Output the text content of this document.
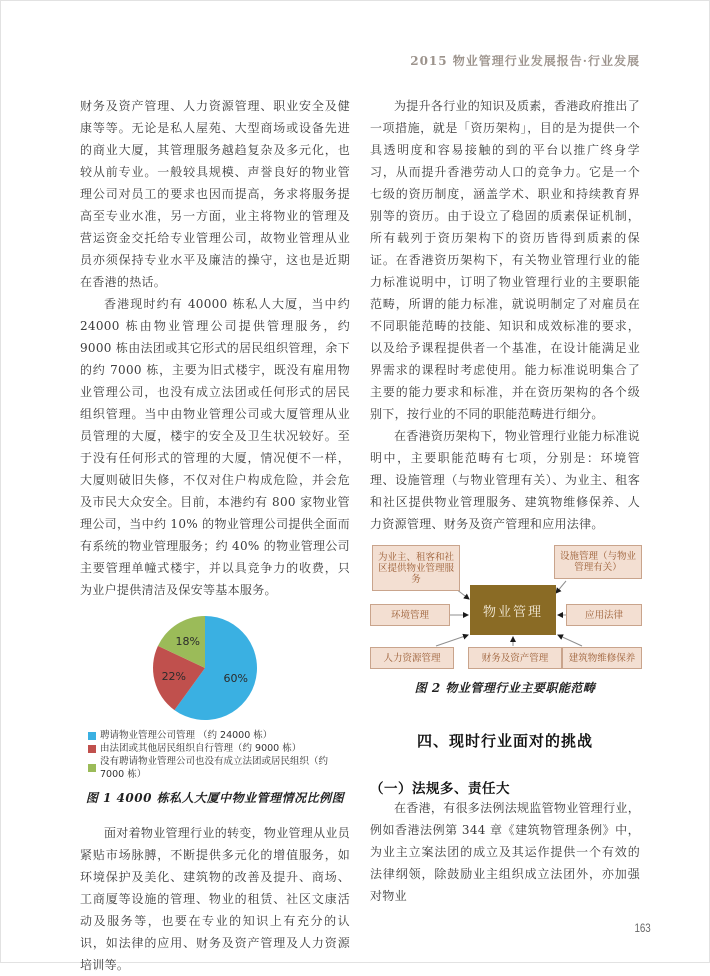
2015 物业管理行业发展报告·行业发展

财务及资产管理、人力资源管理、职业安全及健康等等。无论是私人屋苑、大型商场或设备先进的商业大厦，其管理服务越趋复杂及多元化，也较从前专业。一般较具规模、声誉良好的物业管理公司对员工的要求也因而提高，务求将服务提高至专业水准，另一方面，业主将物业的管理及营运资金交托给专业管理公司，故物业管理从业员亦须保持专业水平及廉洁的操守，这也是近期在香港的热话。

香港现时约有 40000 栋私人大厦，当中约 24000 栋由物业管理公司提供管理服务，约 9000 栋由法团或其它形式的居民组织管理，余下的约 7000 栋，主要为旧式楼宇，既没有雇用物业管理公司，也没有成立法团或任何形式的居民组织管理。当中由物业管理公司或大厦管理从业员管理的大厦，楼宇的安全及卫生状况较好。至于没有任何形式的管理的大厦，情况便不一样，大厦则破旧失修，不仅对住户构成危险，并会危及市民大众安全。目前，本港约有 800 家物业管理公司，当中约 10% 的物业管理公司提供全面而有系统的物业管理服务；约 40% 的物业管理公司主要管理单幢式楼宇，并以具竞争力的收费，只为业户提供清洁及保安等基本服务。

60%
22%
18%
聘请物业管理公司管理 （约 24000 栋）
由法团或其他居民组织自行管理（约 9000 栋）
没有聘请物业管理公司也没有成立法团或居民组织（约 7000 栋）
图 1 4000 栋私人大厦中物业管理情况比例图

面对着物业管理行业的转变，物业管理从业员紧贴市场脉膊，不断提供多元化的增值服务，如环境保护及美化、建筑物的改善及提升、商场、工商厦等设施的管理、物业的租赁、社区文康活动及服务等，也要在专业的知识上有充分的认识，如法律的应用、财务及资产管理及人力资源培训等。

为提升各行业的知识及质素，香港政府推出了一项措施，就是「资历架构」，目的是为提供一个具透明度和容易接触的到的平台以推广终身学习，从而提升香港劳动人口的竞争力。它是一个七级的资历制度，涵盖学术、职业和持续教育界别等的资历。由于设立了稳固的质素保证机制，所有载列于资历架构下的资历皆得到质素的保证。在香港资历架构下，有关物业管理行业的能力标准说明中，订明了物业管理行业的主要职能范畴，所谓的能力标准，就说明制定了对雇员在不同职能范畴的技能、知识和成效标准的要求，以及给予课程提供者一个基准，在设计能满足业界需求的课程时考虑使用。能力标准说明集合了主要的能力要求和标准，并在资历架构的各个级别下，按行业的不同的职能范畴进行细分。

在香港资历架构下，物业管理行业能力标准说明中，主要职能范畴有七项，分别是：环境管理、设施管理（与物业管理有关）、为业主、租客和社区提供物业管理服务、建筑物维修保养、人力资源管理、财务及资产管理和应用法律。

为业主、租客和社区提供物业管理服务
设施管理（与物业管理有关）
环境管理	应用法律
人力资源管理	财务及资产管理	建筑物维修保养
物业管理
图 2 物业管理行业主要职能范畴
四、现时行业面对的挑战
（一）法规多、责任大

在香港，有很多法例法规监管物业管理行业，例如香港法例第 344 章《建筑物管理条例》中，为业主立案法团的成立及其运作提供一个有效的法律纲领，除鼓励业主组织成立法团外，亦加强对物业

163
